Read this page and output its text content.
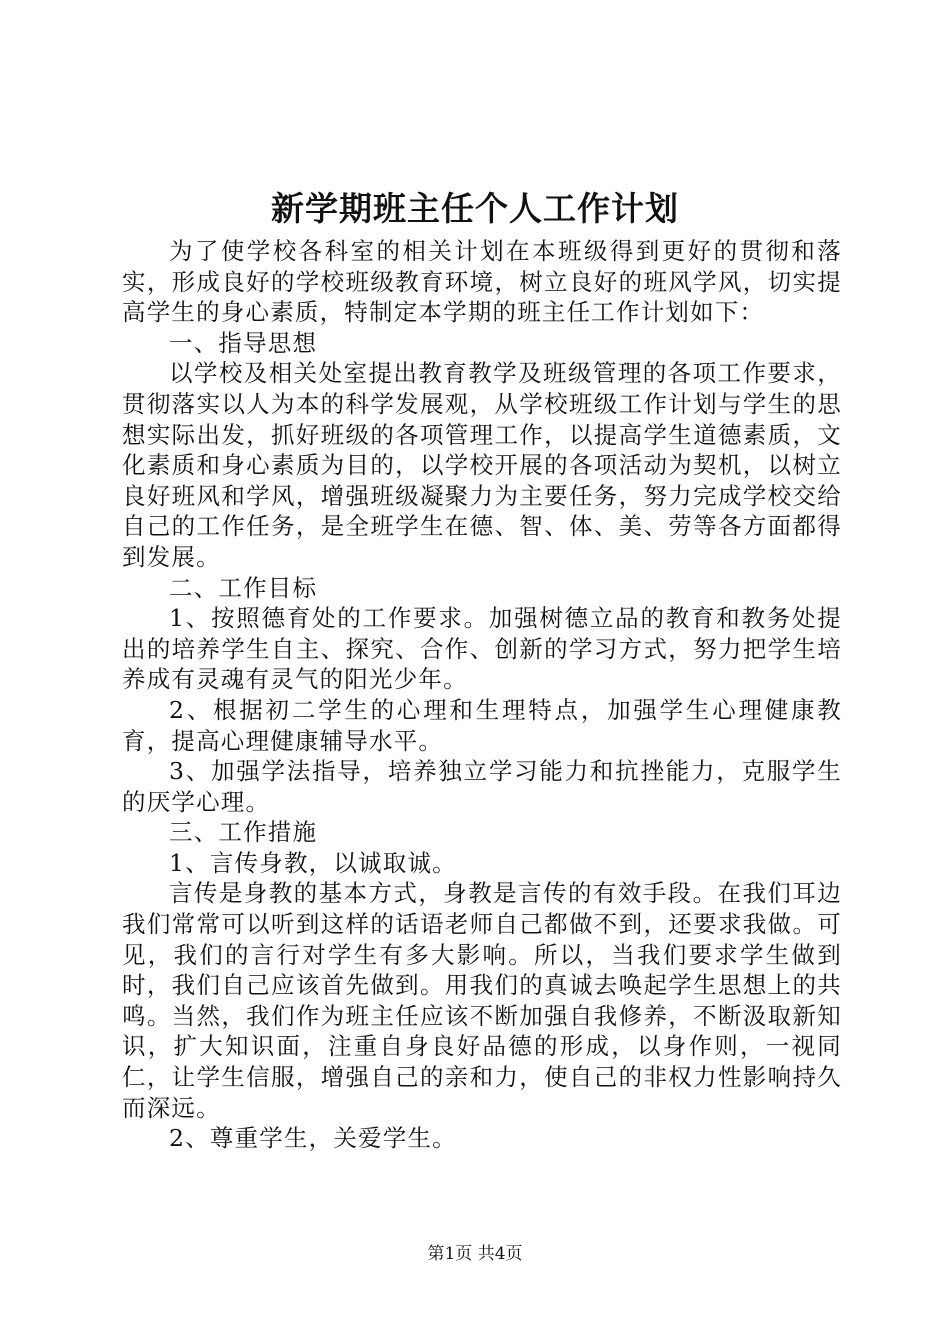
新学期班主任个人工作计划

为了使学校各科室的相关计划在本班级得到更好的贯彻和落实，形成良好的学校班级教育环境，树立良好的班风学风，切实提高学生的身心素质，特制定本学期的班主任工作计划如下：

一、指导思想

以学校及相关处室提出教育教学及班级管理的各项工作要求，贯彻落实以人为本的科学发展观，从学校班级工作计划与学生的思想实际出发，抓好班级的各项管理工作，以提高学生道德素质，文化素质和身心素质为目的，以学校开展的各项活动为契机，以树立良好班风和学风，增强班级凝聚力为主要任务，努力完成学校交给自己的工作任务，是全班学生在德、智、体、美、劳等各方面都得到发展。

二、工作目标

1、按照德育处的工作要求。加强树德立品的教育和教务处提出的培养学生自主、探究、合作、创新的学习方式，努力把学生培养成有灵魂有灵气的阳光少年。

2、根据初二学生的心理和生理特点，加强学生心理健康教育，提高心理健康辅导水平。

3、加强学法指导，培养独立学习能力和抗挫能力，克服学生的厌学心理。

三、工作措施

1、言传身教，以诚取诚。

言传是身教的基本方式，身教是言传的有效手段。在我们耳边我们常常可以听到这样的话语老师自己都做不到，还要求我做。可见，我们的言行对学生有多大影响。所以，当我们要求学生做到时，我们自己应该首先做到。用我们的真诚去唤起学生思想上的共鸣。当然，我们作为班主任应该不断加强自我修养，不断汲取新知识，扩大知识面，注重自身良好品德的形成，以身作则，一视同仁，让学生信服，增强自己的亲和力，使自己的非权力性影响持久而深远。

2、尊重学生，关爱学生。

第1页 共4页
